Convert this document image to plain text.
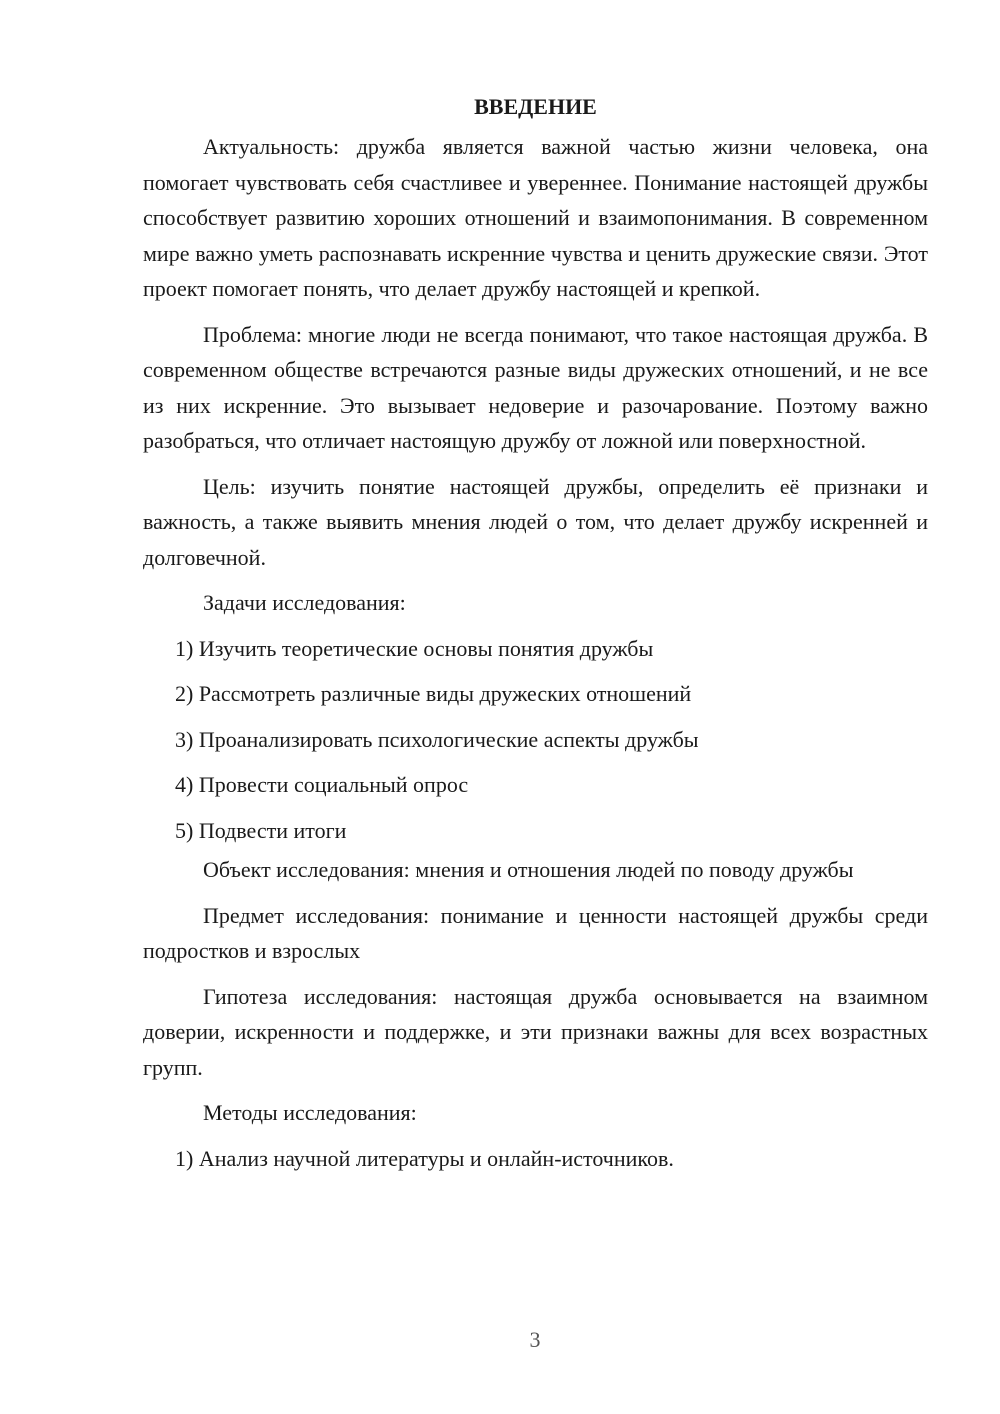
ВВЕДЕНИЕ

Актуальность: дружба является важной частью жизни человека, она помогает чувствовать себя счастливее и увереннее. Понимание настоящей дружбы способствует развитию хороших отношений и взаимопонимания. В современном мире важно уметь распознавать искренние чувства и ценить дружеские связи. Этот проект помогает понять, что делает дружбу настоящей и крепкой.

Проблема: многие люди не всегда понимают, что такое настоящая дружба. В современном обществе встречаются разные виды дружеских отношений, и не все из них искренние. Это вызывает недоверие и разочарование. Поэтому важно разобраться, что отличает настоящую дружбу от ложной или поверхностной.

Цель: изучить понятие настоящей дружбы, определить её признаки и важность, а также выявить мнения людей о том, что делает дружбу искренней и долговечной.

Задачи исследования:

1) Изучить теоретические основы понятия дружбы
2) Рассмотреть различные виды дружеских отношений
3) Проанализировать психологические аспекты дружбы
4) Провести социальный опрос
5) Подвести итоги

Объект исследования: мнения и отношения людей по поводу дружбы

Предмет исследования: понимание и ценности настоящей дружбы среди подростков и взрослых

Гипотеза исследования: настоящая дружба основывается на взаимном доверии, искренности и поддержке, и эти признаки важны для всех возрастных групп.

Методы исследования:

1) Анализ научной литературы и онлайн-источников.
3
